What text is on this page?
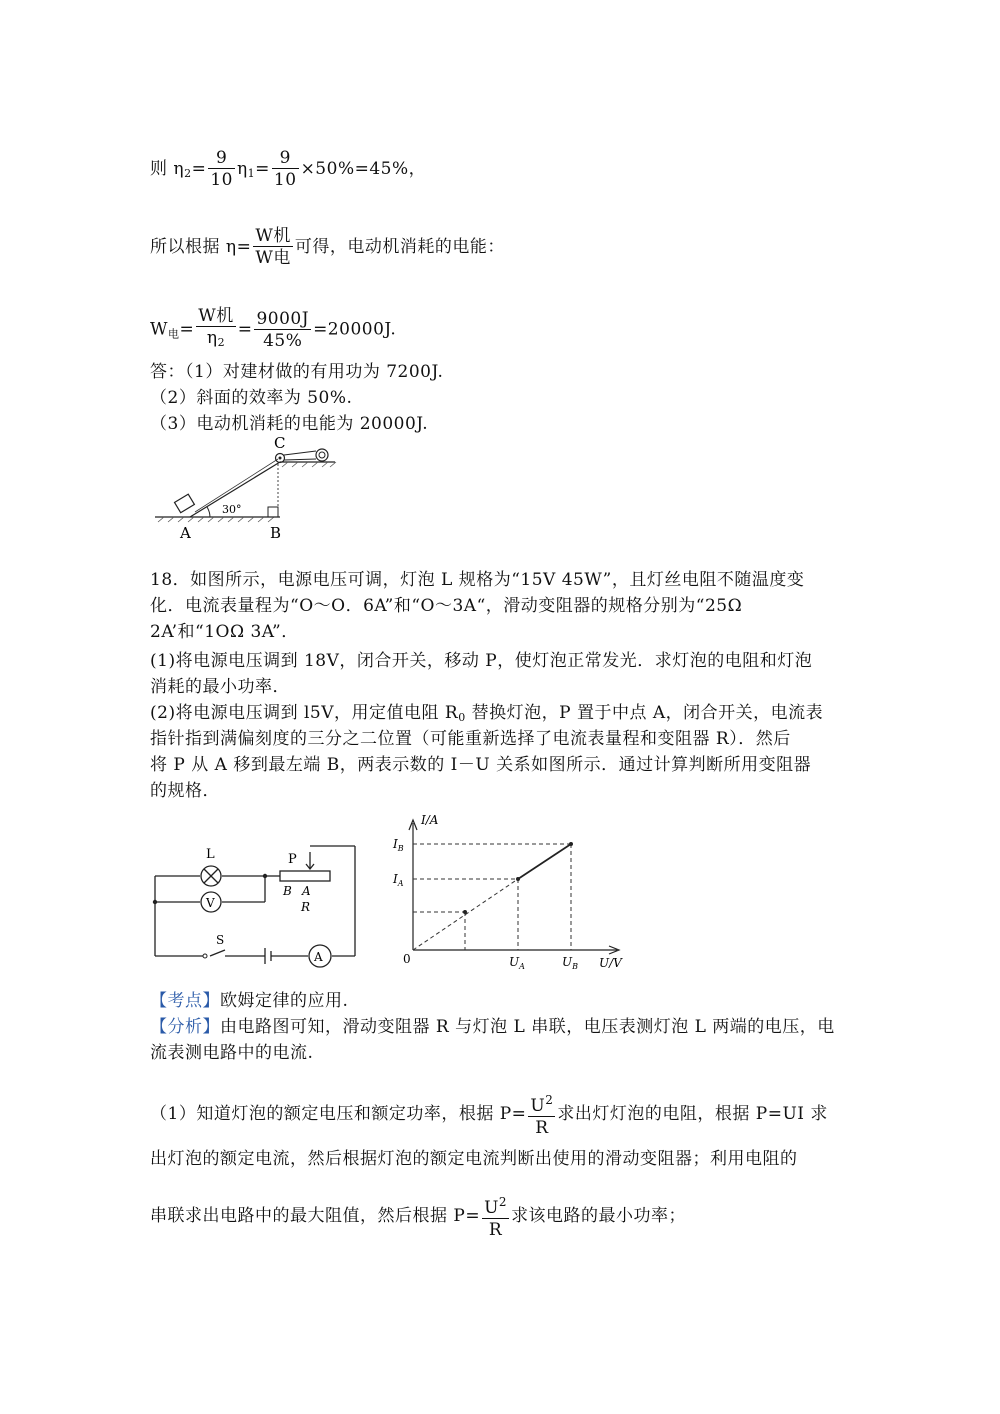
则 $\eta_2= \frac{9}{10} \eta_1= \frac{9}{10} \times 50\%=45\%$，
所以根据 $\eta= \frac{\text{W机}}{\text{W电}}$ 可得，电动机消耗的电能：
$W_电= \frac{\text{W机}}{\eta_2} = \frac{9000J}{45\%} =20000J$.
答：（1）对建材做的有用功为 7200J.
（2）斜面的效率为 50%.
（3）电动机消耗的电能为 20000J.
30°
C
A	B
18．如图所示，电源电压可调，灯泡 L 规格为“15V 45W”，且灯丝电阻不随温度变
化．电流表量程为“O～O．6A”和“O～3A“，滑动变阻器的规格分别为“25Ω
2A’和“1OΩ 3A”．
(1)将电源电压调到 18V，闭合开关，移动 P，使灯泡正常发光．求灯泡的电阻和灯泡
消耗的最小功率．
(2)将电源电压调到 l5V，用定值电阻 $R_0$ 替换灯泡，P 置于中点 A，闭合开关，电流表
指针指到满偏刻度的三分之二位置（可能重新选择了电流表量程和变阻器 R）．然后
将 P 从 A 移到最左端 B，两表示数的 I－U 关系如图所示．通过计算判断所用变阻器
的规格．
L
V
A
S
P
B A
R
I/A
U/V
0
$I_B$
$I_A$
$U_A$	$U_B$
【考点】欧姆定律的应用.
【分析】由电路图可知，滑动变阻器 R 与灯泡 L 串联，电压表测灯泡 L 两端的电压，电
流表测电路中的电流.
（1）知道灯泡的额定电压和额定功率，根据 $P= \frac{U^2}{R}$ 求出灯灯泡的电阻，根据 P=UI 求
出灯泡的额定电流，然后根据灯泡的额定电流判断出使用的滑动变阻器；利用电阻的
串联求出电路中的最大阻值，然后根据 $P= \frac{U^2}{R}$ 求该电路的最小功率；
